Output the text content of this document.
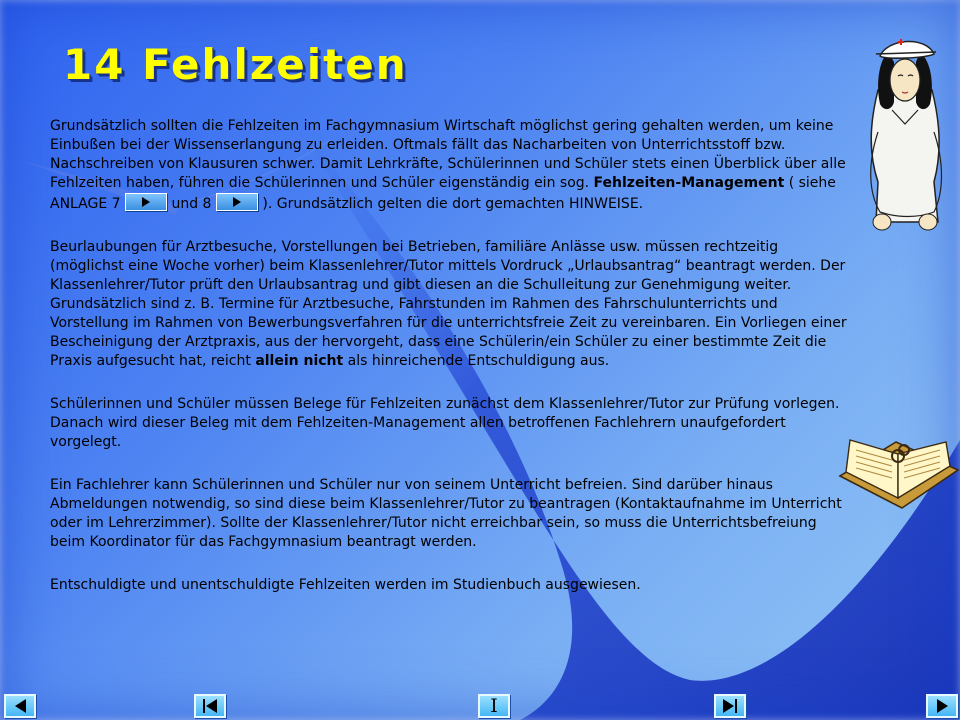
14 Fehlzeiten

Grundsätzlich sollten die Fehlzeiten im Fachgymnasium Wirtschaft möglichst gering gehalten werden, um keine Einbußen bei der Wissenserlangung zu erleiden. Oftmals fällt das Nacharbeiten von Unterrichtsstoff bzw. Nachschreiben von Klausuren schwer. Damit Lehrkräfte, Schülerinnen und Schüler stets einen Überblick über alle Fehlzeiten haben, führen die Schülerinnen und Schüler eigenständig ein sog. Fehlzeiten-Management ( siehe ANLAGE 7	und 8	). Grundsätzlich gelten die dort gemachten HINWEISE.

Beurlaubungen für Arztbesuche, Vorstellungen bei Betrieben, familiäre Anlässe usw. müssen rechtzeitig (möglichst eine Woche vorher) beim Klassenlehrer/Tutor mittels Vordruck „Urlaubsantrag“ beantragt werden. Der Klassenlehrer/Tutor prüft den Urlaubsantrag und gibt diesen an die Schulleitung zur Genehmigung weiter. Grundsätzlich sind z. B. Termine für Arztbesuche, Fahrstunden im Rahmen des Fahrschulunterrichts und Vorstellung im Rahmen von Bewerbungsverfahren für die unterrichtsfreie Zeit zu vereinbaren. Ein Vorliegen einer Bescheinigung der Arztpraxis, aus der hervorgeht, dass eine Schülerin/ein Schüler zu einer bestimmte Zeit die Praxis aufgesucht hat, reicht allein nicht als hinreichende Entschuldigung aus.

Schülerinnen und Schüler müssen Belege für Fehlzeiten zunächst dem Klassenlehrer/Tutor zur Prüfung vorlegen. Danach wird dieser Beleg mit dem Fehlzeiten-Management allen betroffenen Fachlehrern unaufgefordert vorgelegt.

Ein Fachlehrer kann Schülerinnen und Schüler nur von seinem Unterricht befreien. Sind darüber hinaus Abmeldungen notwendig, so sind diese beim Klassenlehrer/Tutor zu beantragen (Kontaktaufnahme im Unterricht oder im Lehrerzimmer). Sollte der Klassenlehrer/Tutor nicht erreichbar sein, so muss die Unterrichtsbefreiung beim Koordinator für das Fachgymnasium beantragt werden.

Entschuldigte und unentschuldigte Fehlzeiten werden im Studienbuch ausgewiesen.

I
